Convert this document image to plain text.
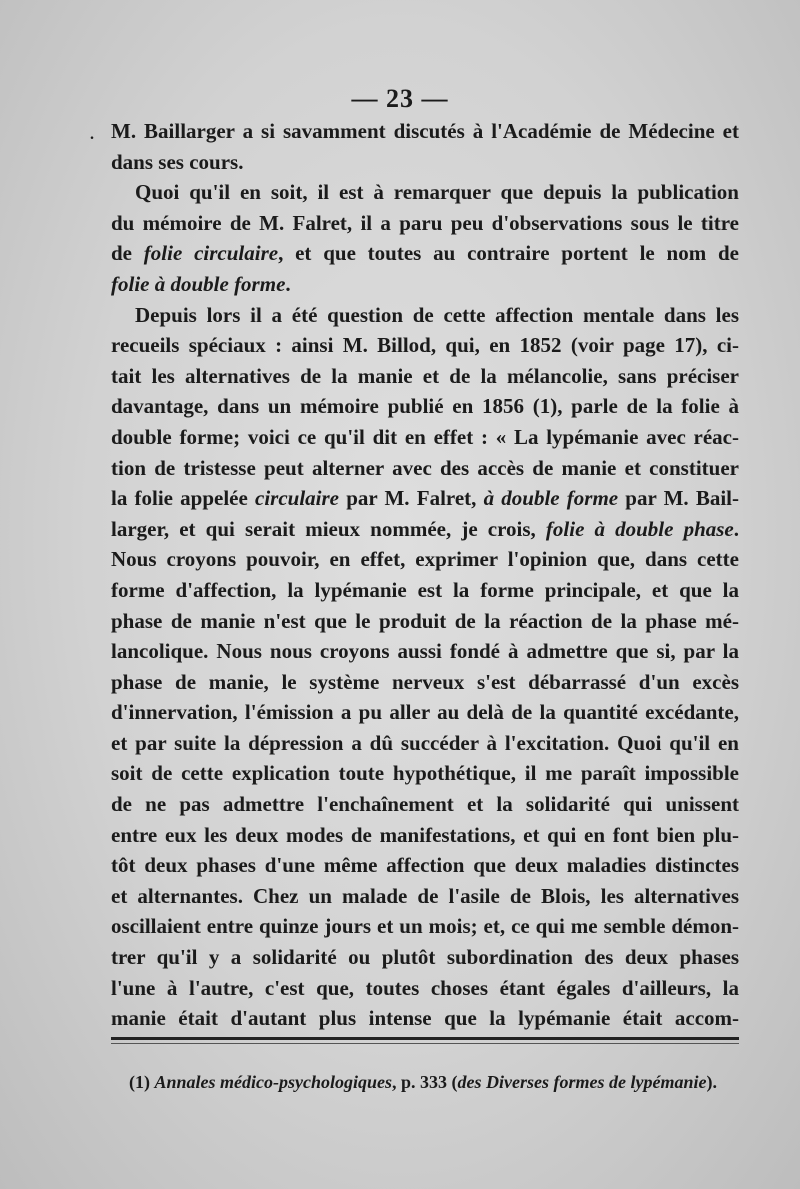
.
— 23 —
M. Baillarger a si savamment discutés à l'Académie de Médecine et
dans ses cours.
Quoi qu'il en soit, il est à remarquer que depuis la publication
du mémoire de M. Falret, il a paru peu d'observations sous le titre
de folie circulaire, et que toutes au contraire portent le nom de
folie à double forme.
Depuis lors il a été question de cette affection mentale dans les
recueils spéciaux : ainsi M. Billod, qui, en 1852 (voir page 17), ci-
tait les alternatives de la manie et de la mélancolie, sans préciser
davantage, dans un mémoire publié en 1856 (1), parle de la folie à
double forme; voici ce qu'il dit en effet : « La lypémanie avec réac-
tion de tristesse peut alterner avec des accès de manie et constituer
la folie appelée circulaire par M. Falret, à double forme par M. Bail-
larger, et qui serait mieux nommée, je crois, folie à double phase.
Nous croyons pouvoir, en effet, exprimer l'opinion que, dans cette
forme d'affection, la lypémanie est la forme principale, et que la
phase de manie n'est que le produit de la réaction de la phase mé-
lancolique. Nous nous croyons aussi fondé à admettre que si, par la
phase de manie, le système nerveux s'est débarrassé d'un excès
d'innervation, l'émission a pu aller au delà de la quantité excédante,
et par suite la dépression a dû succéder à l'excitation. Quoi qu'il en
soit de cette explication toute hypothétique, il me paraît impossible
de ne pas admettre l'enchaînement et la solidarité qui unissent
entre eux les deux modes de manifestations, et qui en font bien plu-
tôt deux phases d'une même affection que deux maladies distinctes
et alternantes. Chez un malade de l'asile de Blois, les alternatives
oscillaient entre quinze jours et un mois; et, ce qui me semble démon-
trer qu'il y a solidarité ou plutôt subordination des deux phases
l'une à l'autre, c'est que, toutes choses étant égales d'ailleurs, la
manie était d'autant plus intense que la lypémanie était accom-
(1) Annales médico-psychologiques, p. 333 (des Diverses formes de lypémanie).
